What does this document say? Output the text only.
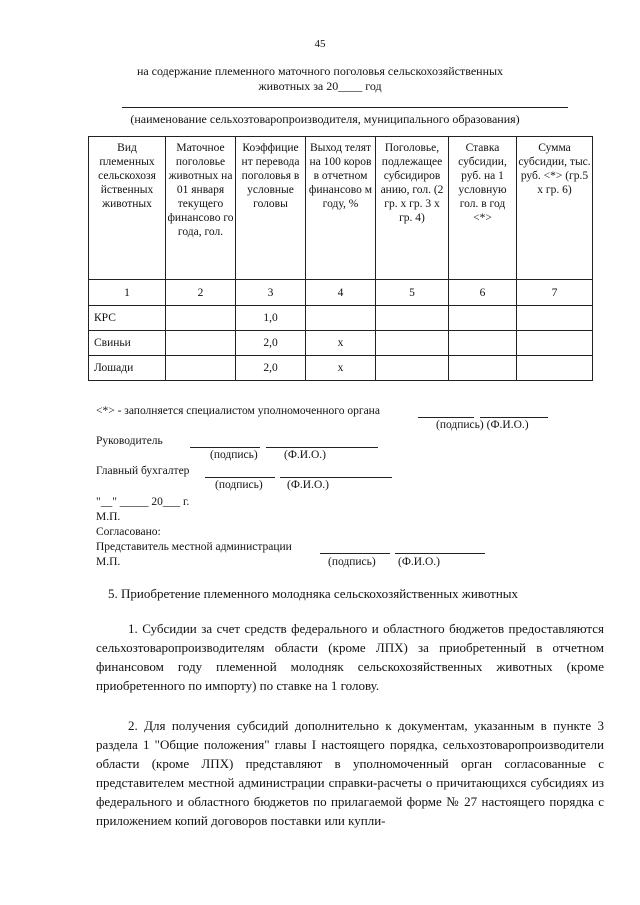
45
на содержание племенного маточного поголовья сельскохозяйственных
животных за 20____ год
(наименование сельхозтоваропроизводителя, муниципального образования)
Вид племенных сельскохозя йственных животных	Маточное поголовье животных на 01 января текущего финансово го года, гол.	Коэффицие нт перевода поголовья в условные головы	Выход телят на 100 коров в отчетном финансово м году, %	Поголовье, подлежащее субсидиров анию, гол. (2 гр. х гр. 3 х гр. 4)	Ставка субсидии, руб. на 1 условную гол. в год <*>	Сумма субсидии, тыс. руб. <*> (гр.5 х гр. 6)
1	2	3	4	5	6	7
КРС		1,0				
Свиньи		2,0	х			
Лошади		2,0	х			
<*> - заполняется специалистом уполномоченного органа
(подпись) (Ф.И.О.)
Руководитель
(подпись) (Ф.И.О.)
Главный бухгалтер
(подпись) (Ф.И.О.)
"__" _____ 20___ г.
М.П.
Согласовано:
Представитель местной администрации
М.П.	(подпись) (Ф.И.О.)
5. Приобретение племенного молодняка сельскохозяйственных животных
1. Субсидии за счет средств федерального и областного бюджетов предоставляются сельхозтоваропроизводителям области (кроме ЛПХ) за приобретенный в отчетном финансовом году племенной молодняк сельскохозяйственных животных (кроме приобретенного по импорту) по ставке на 1 голову.
2. Для получения субсидий дополнительно к документам, указанным в пункте 3 раздела 1 "Общие положения" главы I настоящего порядка, сельхозтоваропроизводители области (кроме ЛПХ) представляют в уполномоченный орган согласованные с представителем местной администрации справки-расчеты о причитающихся субсидиях из федерального и областного бюджетов по прилагаемой форме № 27 настоящего порядка с приложением копий договоров поставки или купли-
